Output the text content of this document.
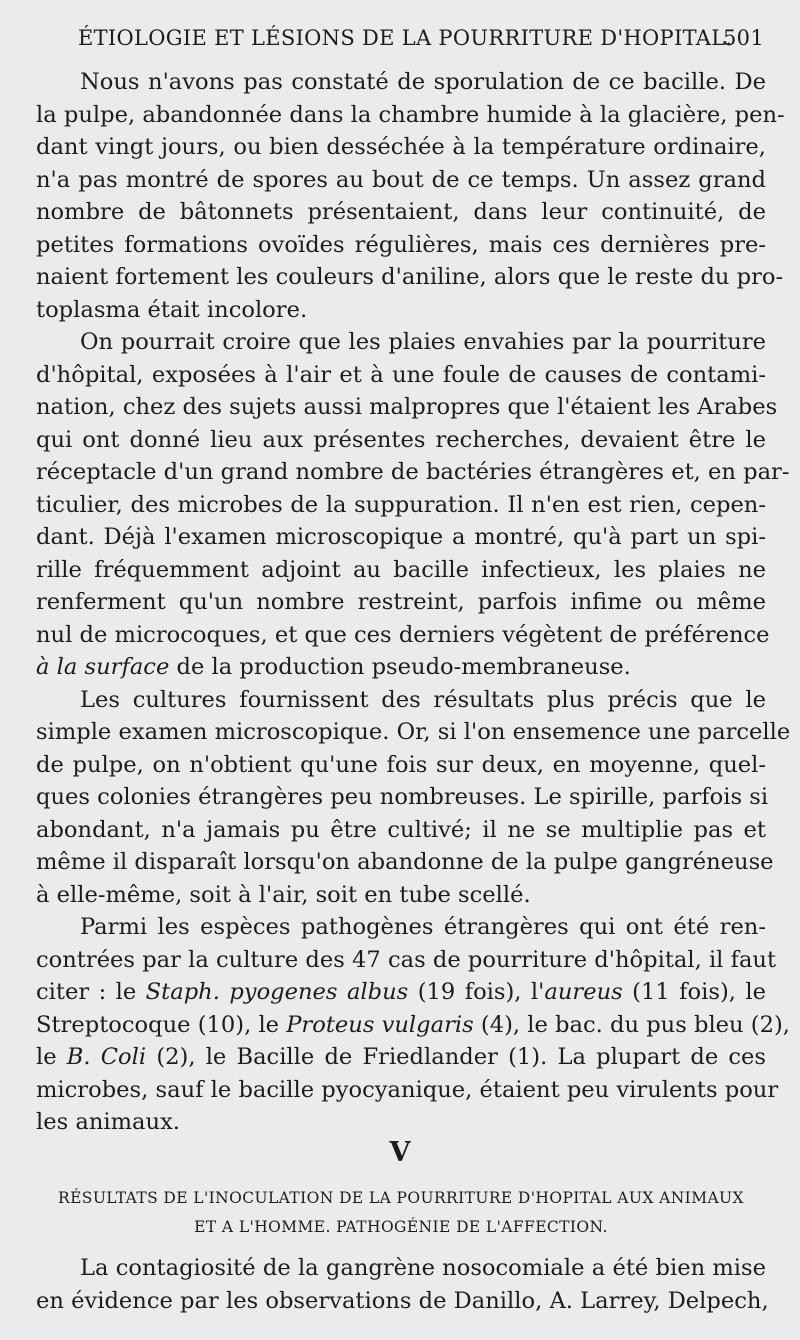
ÉTIOLOGIE ET LÉSIONS DE LA POURRITURE D'HOPITAL.
501
Nous n'avons pas constaté de sporulation de ce bacille. De
la pulpe, abandonnée dans la chambre humide à la glacière, pen-
dant vingt jours, ou bien desséchée à la température ordinaire,
n'a pas montré de spores au bout de ce temps. Un assez grand
nombre de bâtonnets présentaient, dans leur continuité, de
petites formations ovoïdes régulières, mais ces dernières pre-
naient fortement les couleurs d'aniline, alors que le reste du pro-
toplasma était incolore.
On pourrait croire que les plaies envahies par la pourriture
d'hôpital, exposées à l'air et à une foule de causes de contami-
nation, chez des sujets aussi malpropres que l'étaient les Arabes
qui ont donné lieu aux présentes recherches, devaient être le
réceptacle d'un grand nombre de bactéries étrangères et, en par-
ticulier, des microbes de la suppuration. Il n'en est rien, cepen-
dant. Déjà l'examen microscopique a montré, qu'à part un spi-
rille fréquemment adjoint au bacille infectieux, les plaies ne
renferment qu'un nombre restreint, parfois infime ou même
nul de microcoques, et que ces derniers végètent de préférence
à la surface de la production pseudo-membraneuse.
Les cultures fournissent des résultats plus précis que le
simple examen microscopique. Or, si l'on ensemence une parcelle
de pulpe, on n'obtient qu'une fois sur deux, en moyenne, quel-
ques colonies étrangères peu nombreuses. Le spirille, parfois si
abondant, n'a jamais pu être cultivé; il ne se multiplie pas et
même il disparaît lorsqu'on abandonne de la pulpe gangréneuse
à elle-même, soit à l'air, soit en tube scellé.
Parmi les espèces pathogènes étrangères qui ont été ren-
contrées par la culture des 47 cas de pourriture d'hôpital, il faut
citer : le Staph. pyogenes albus (19 fois), l'aureus (11 fois), le
Streptocoque (10), le Proteus vulgaris (4), le bac. du pus bleu (2),
le B. Coli (2), le Bacille de Friedlander (1). La plupart de ces
microbes, sauf le bacille pyocyanique, étaient peu virulents pour
les animaux.
V
RÉSULTATS DE L'INOCULATION DE LA POURRITURE D'HOPITAL AUX ANIMAUX
ET A L'HOMME. PATHOGÉNIE DE L'AFFECTION.
La contagiosité de la gangrène nosocomiale a été bien mise
en évidence par les observations de Danillo, A. Larrey, Delpech,
